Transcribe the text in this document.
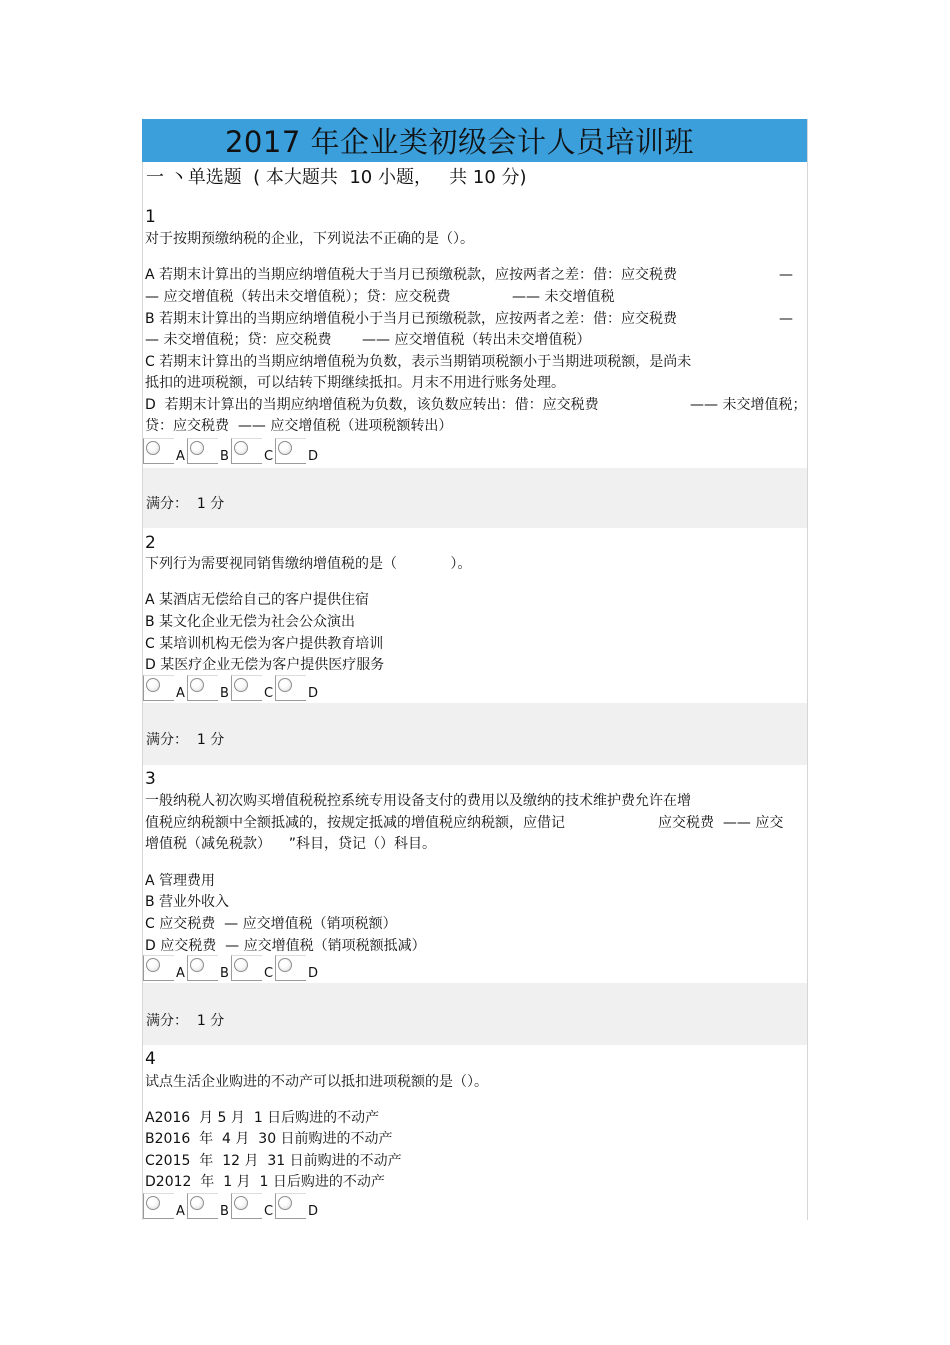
2017 年企业类初级会计人员培训班
一 丶单选题  ( 本大题共  10 小题，   共 10 分)
1
对于按期预缴纳税的企业，下列说法不正确的是（）。
A 若期末计算出的当期应纳增值税大于当月已预缴税款，应按两者之差：借：应交税费	—
— 应交增值税（转出未交增值税）；贷：应交税费	—— 未交增值税
B 若期末计算出的当期应纳增值税小于当月已预缴税款，应按两者之差：借：应交税费	—
— 未交增值税；贷：应交税费 —— 应交增值税（转出未交增值税）
C 若期末计算出的当期应纳增值税为负数，表示当期销项税额小于当期进项税额，是尚未
抵扣的进项税额，可以结转下期继续抵扣。月末不用进行账务处理。
D  若期末计算出的当期应纳增值税为负数，该负数应转出：借：应交税费	—— 未交增值税；
贷：应交税费  —— 应交增值税（进项税额转出）
A	B	C	D
满分：  1 分
2
下列行为需要视同销售缴纳增值税的是（            ）。
A 某酒店无偿给自己的客户提供住宿
B 某文化企业无偿为社会公众演出
C 某培训机构无偿为客户提供教育培训
D 某医疗企业无偿为客户提供医疗服务
A	B	C	D
满分：  1 分
3
一般纳税人初次购买增值税税控系统专用设备支付的费用以及缴纳的技术维护费允许在增
值税应纳税额中全额抵减的，按规定抵减的增值税应纳税额，应借记	应交税费  —— 应交
增值税（减免税款）    ”科目，贷记（）科目。
A 管理费用
B 营业外收入
C 应交税费  — 应交增值税（销项税额）
D 应交税费  — 应交增值税（销项税额抵减）
A	B	C	D
满分：  1 分
4
试点生活企业购进的不动产可以抵扣进项税额的是（）。
A2016  月 5 月  1 日后购进的不动产
B2016  年  4 月  30 日前购进的不动产
C2015  年  12 月  31 日前购进的不动产
D2012  年  1 月  1 日后购进的不动产
A	B	C	D
